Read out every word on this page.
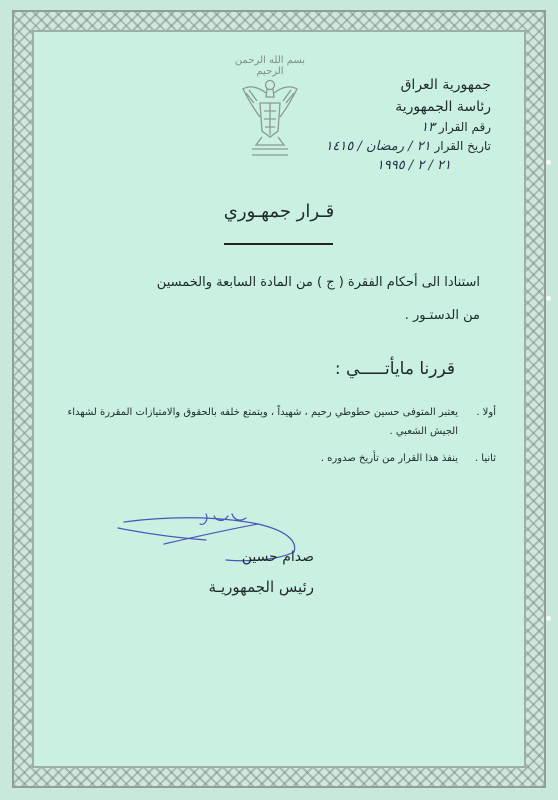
بسم الله الرحمن الرحيم

جمهورية العراق

رئاسة الجمهورية

رقم القرار ١٣

تاريخ القرار ٢١ / رمضان / ١٤١٥

٢١ / ٢ / ١٩٩٥

قـرار جمهـوري

استنادا الى أحكام الفقرة ( ج ) من المادة السابعة والخمسين

من الدستـور .

قررنا مايأتـــــي :
أولا .
يعتبر المتوفى حسين حطوطي رحيم ، شهيداً ، ويتمتع خلفه بالحقوق والامتيازات المقررة لشهداء الجيش الشعبي .
ثانيا .
ينفذ هذا القرار من تأريخ صدوره .
صدام حسين
رئيس الجمهوريـة
